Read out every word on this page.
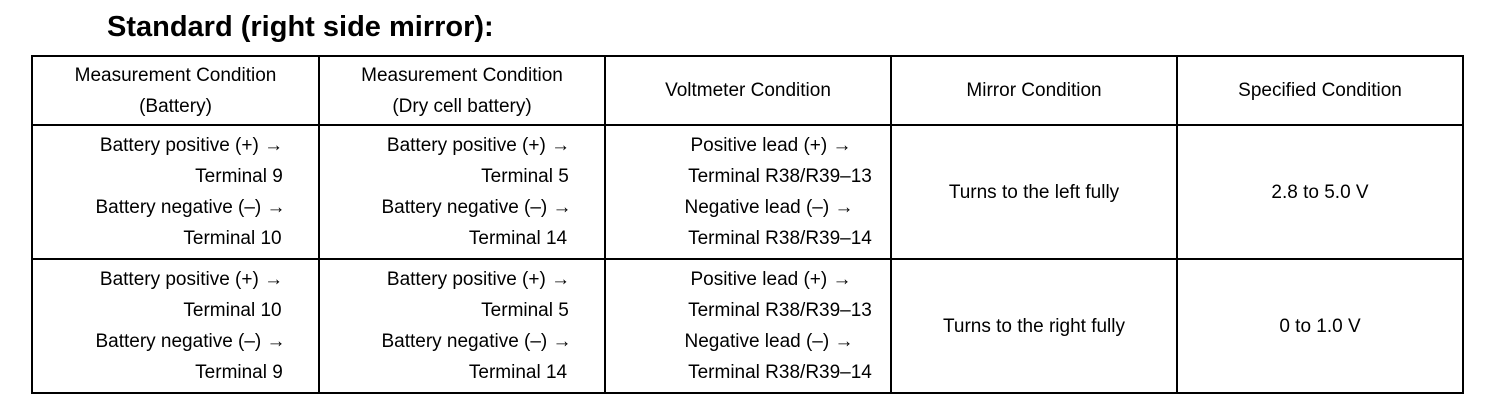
Standard (right side mirror):
Measurement Condition
(Battery)	Measurement Condition
(Dry cell battery)	Voltmeter Condition	Mirror Condition	Specified Condition

Battery positive (+) →
Terminal 9
Battery negative (–) →
Terminal 10	Battery positive (+) →
Terminal 5
Battery negative (–) →
Terminal 14	Positive lead (+) →
Terminal R38/R39–13
Negative lead (–) →
Terminal R38/R39–14	Turns to the left fully	2.8 to 5.0 V

Battery positive (+) →
Terminal 10
Battery negative (–) →
Terminal 9	Battery positive (+) →
Terminal 5
Battery negative (–) →
Terminal 14	Positive lead (+) →
Terminal R38/R39–13
Negative lead (–) →
Terminal R38/R39–14	Turns to the right fully	0 to 1.0 V
